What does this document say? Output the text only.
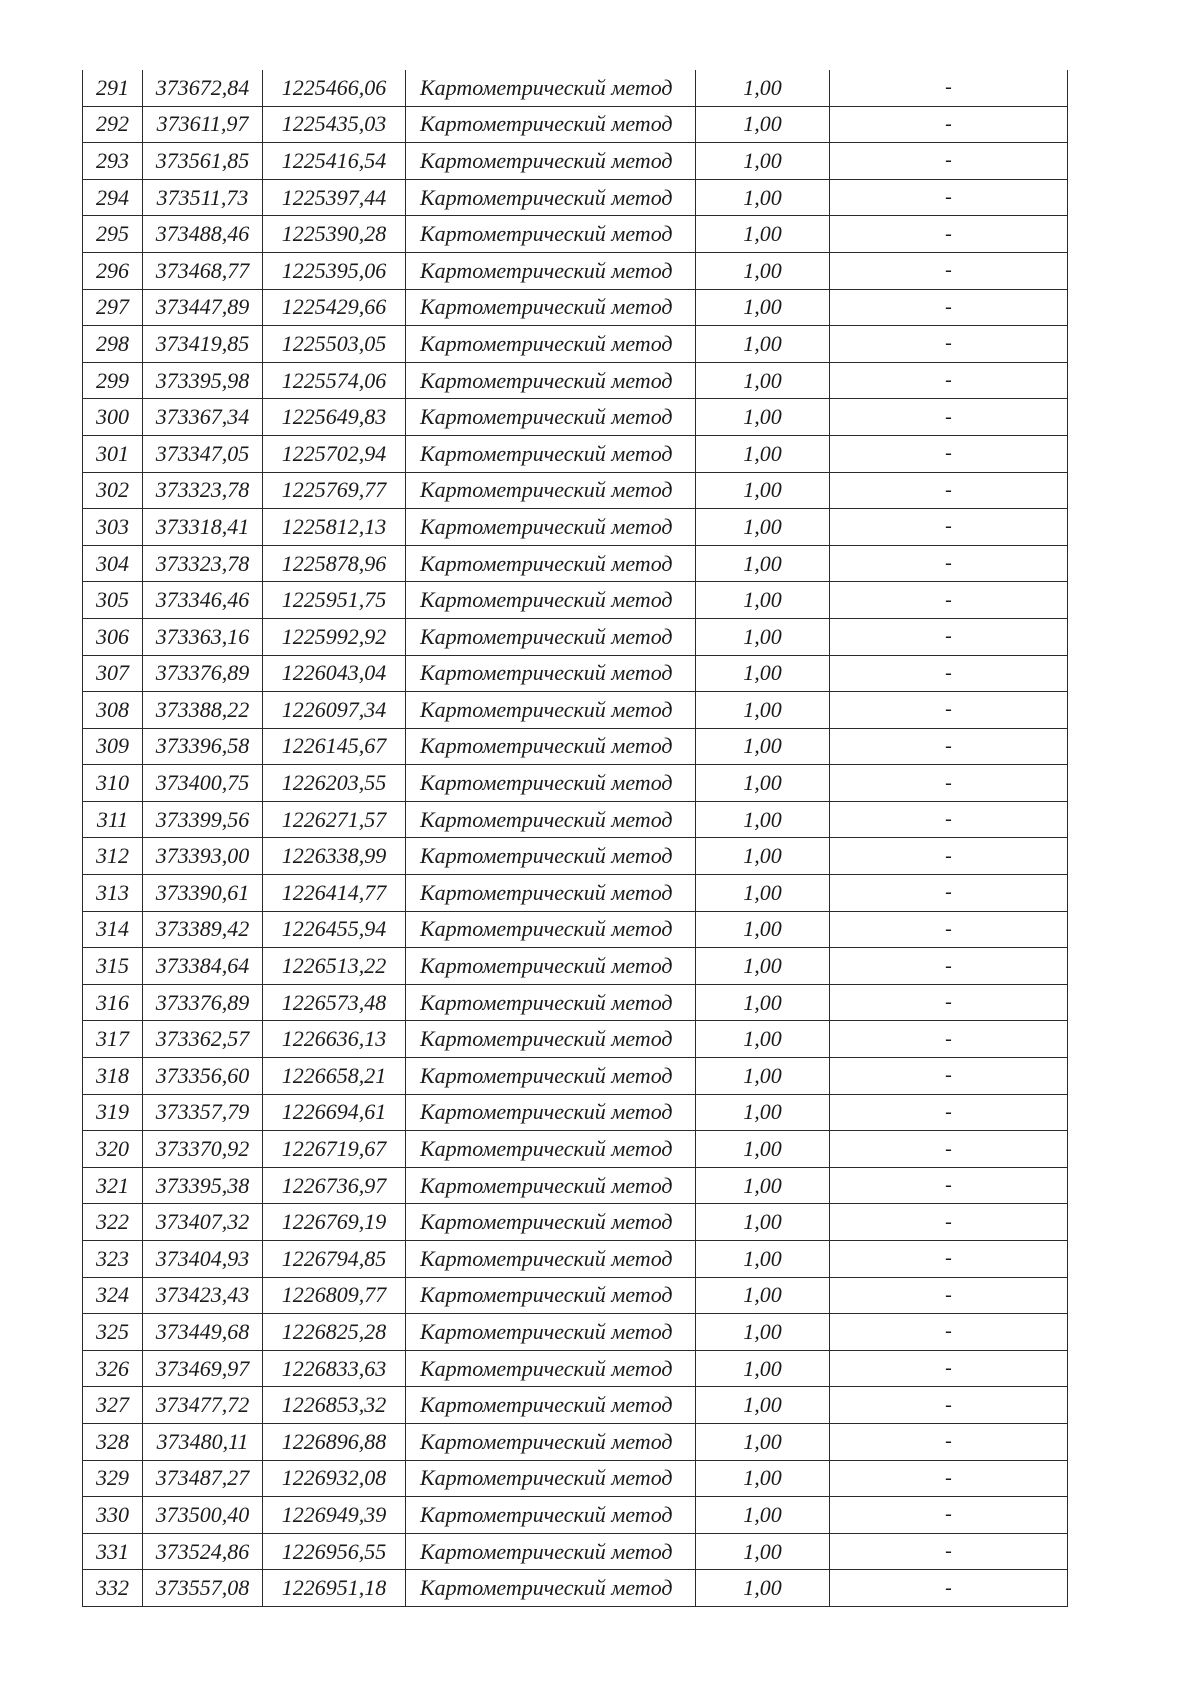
291	373672,84	1225466,06	Картометрический метод	1,00	-
292	373611,97	1225435,03	Картометрический метод	1,00	-
293	373561,85	1225416,54	Картометрический метод	1,00	-
294	373511,73	1225397,44	Картометрический метод	1,00	-
295	373488,46	1225390,28	Картометрический метод	1,00	-
296	373468,77	1225395,06	Картометрический метод	1,00	-
297	373447,89	1225429,66	Картометрический метод	1,00	-
298	373419,85	1225503,05	Картометрический метод	1,00	-
299	373395,98	1225574,06	Картометрический метод	1,00	-
300	373367,34	1225649,83	Картометрический метод	1,00	-
301	373347,05	1225702,94	Картометрический метод	1,00	-
302	373323,78	1225769,77	Картометрический метод	1,00	-
303	373318,41	1225812,13	Картометрический метод	1,00	-
304	373323,78	1225878,96	Картометрический метод	1,00	-
305	373346,46	1225951,75	Картометрический метод	1,00	-
306	373363,16	1225992,92	Картометрический метод	1,00	-
307	373376,89	1226043,04	Картометрический метод	1,00	-
308	373388,22	1226097,34	Картометрический метод	1,00	-
309	373396,58	1226145,67	Картометрический метод	1,00	-
310	373400,75	1226203,55	Картометрический метод	1,00	-
311	373399,56	1226271,57	Картометрический метод	1,00	-
312	373393,00	1226338,99	Картометрический метод	1,00	-
313	373390,61	1226414,77	Картометрический метод	1,00	-
314	373389,42	1226455,94	Картометрический метод	1,00	-
315	373384,64	1226513,22	Картометрический метод	1,00	-
316	373376,89	1226573,48	Картометрический метод	1,00	-
317	373362,57	1226636,13	Картометрический метод	1,00	-
318	373356,60	1226658,21	Картометрический метод	1,00	-
319	373357,79	1226694,61	Картометрический метод	1,00	-
320	373370,92	1226719,67	Картометрический метод	1,00	-
321	373395,38	1226736,97	Картометрический метод	1,00	-
322	373407,32	1226769,19	Картометрический метод	1,00	-
323	373404,93	1226794,85	Картометрический метод	1,00	-
324	373423,43	1226809,77	Картометрический метод	1,00	-
325	373449,68	1226825,28	Картометрический метод	1,00	-
326	373469,97	1226833,63	Картометрический метод	1,00	-
327	373477,72	1226853,32	Картометрический метод	1,00	-
328	373480,11	1226896,88	Картометрический метод	1,00	-
329	373487,27	1226932,08	Картометрический метод	1,00	-
330	373500,40	1226949,39	Картометрический метод	1,00	-
331	373524,86	1226956,55	Картометрический метод	1,00	-
332	373557,08	1226951,18	Картометрический метод	1,00	-
